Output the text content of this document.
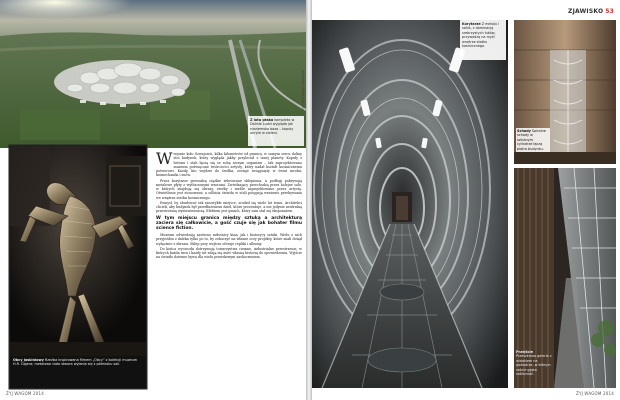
Z lotu ptaka kompleks w Dolinie Ludzi wygląda jak nieziemska baza – kopuły ukryte w zieleni.
FOT. MATERIAŁY PRASOWE
Obcy jaskiniowy Rzeźba inspirowana filmem „Obcy” z kolekcji muzeum H.R. Gigera; metalowe ciało stwora wyłania się z półmroku sali.

Wrejonie koło Szwajcarii, kilka kilometrów od granicy, w samym sercu doliny stoi budynek, który wygląda jakby przyleciał z innej planety. Kopuły z betonu i stali łączą się ze sobą niczym organizm – tak zaprojektowano muzeum poświęcone twórczości artysty, który nadał kształt kosmicznemu potworowi. Każdy, kto wejdzie do środka, zostaje wciągnięty w świat mroku, biomechaniki i snów.

Przez korytarze prowadzą ciężkie żebrowane sklepienia, a podłogi pokrywają metalowe płyty z wytłoczonymi wzorami. Zwiedzający przechodzą przez kolejne sale, w których znajdują się obrazy, rzeźby i meble zaprojektowane przez artystę. Oświetlenie jest stonowane, a odbicia światła w stali potęgują wrażenie przebywania we wnętrzu statku kosmicznego.

Pomysł, by zbudować tak niezwykłe miejsce, zrodził się wiele lat temu. Architekci chcieli, aby budynek był przedłużeniem dzieł, które prezentuje, a nie jedynie neutralną przestrzenią wystawienniczą. Efektem jest gmach, który sam stał się eksponatem.

W tym miejscu granica między sztuką a architekturą zaciera się całkowicie, a gość czuje się jak bohater filmu science fiction.

Muzeum odwiedzają zarówno miłośnicy kina, jak i historycy sztuki. Wielu z nich przyjeżdża z daleka tylko po to, by zobaczyć na własne oczy projekty, które znali dotąd wyłącznie z ekranu. Sklep przy wejściu oferuje repliki i albumy.

Do końca wycieczki dotrzymują towarzystwa ciemne, industrialne przestrzenie, w których każda rura i każdy nit zdają się mieć własną historię do opowiedzenia. Wyjście na światło dzienne bywa dla wielu prawdziwym zaskoczeniem.

ŻYJ WAGOM 2014
Korytarze Z metalu i szkła, z dominacją srebrzystych łuków, przywodzą na myśl wnętrze statku kosmicznego.
ZJAWISKO 53
Schody Spiralne schody w szklanym cylindrze łączą piętra budynku.
Przejście Przeszklona galeria z widokiem na podwórze, w którym rośnie gęsta roślinność.
ŻYJ WAGOM 2014
